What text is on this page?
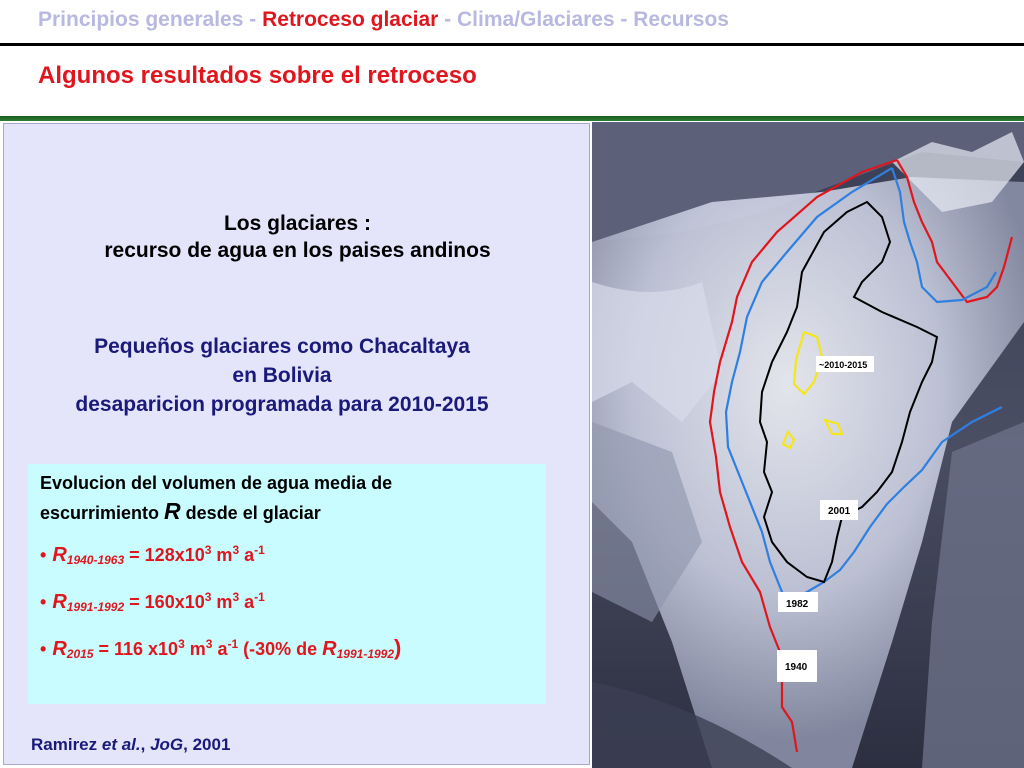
Principios generales - Retroceso glaciar - Clima/Glaciares - Recursos
Algunos resultados sobre el retroceso
Los glaciares :
recurso de agua en los paises andinos
Pequeños glaciares como Chacaltaya
en Bolivia
desaparicion programada para 2010-2015
Evolucion del volumen de agua media de
escurrimiento R desde el glaciar
• $R_{1940-1963} = 128x10^3$ $m^3$ $a^{-1}$
• $R_{1991-1992} = 160x10^3$ $m^3$ $a^{-1}$
• $R_{2015} = 116$ $x10^3$ $m^3$ $a^{-1}$ (-30% de $R_{1991-1992}$)
Ramirez et al., JoG, 2001
~2010-2015
2001
1982
1940
